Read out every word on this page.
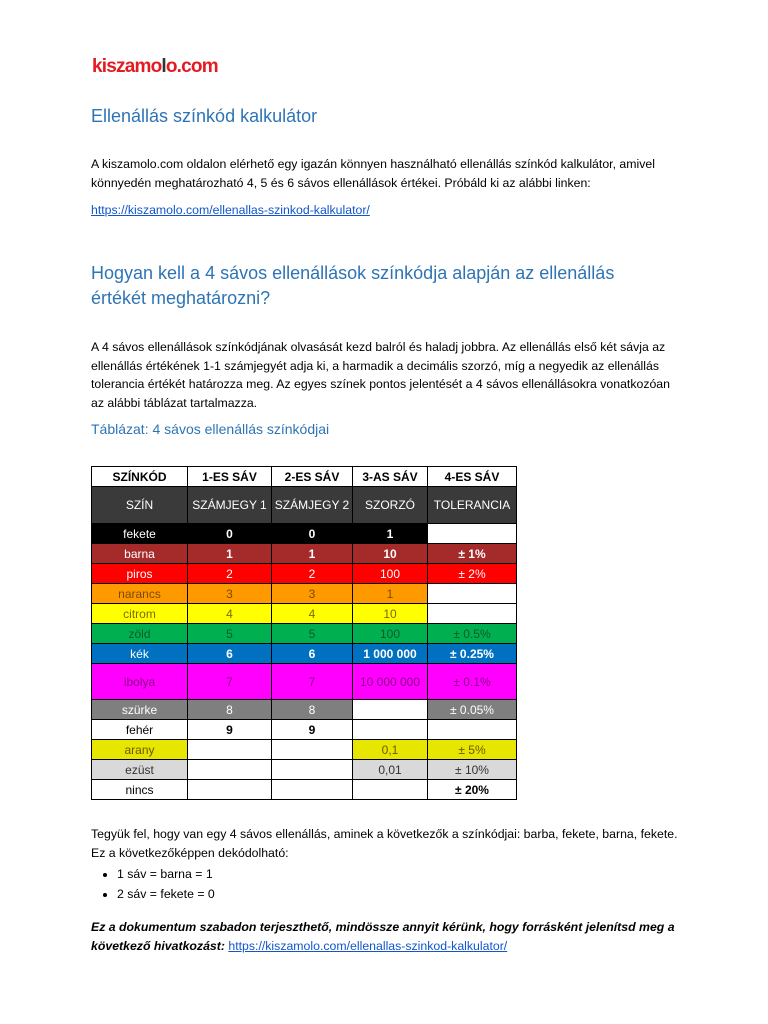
kiszamolo.com
Ellenállás színkód kalkulátor
A kiszamolo.com oldalon elérhető egy igazán könnyen használható ellenállás színkód kalkulátor, amivel könnyedén meghatározható 4, 5 és 6 sávos ellenállások értékei. Próbáld ki az alábbi linken:
https://kiszamolo.com/ellenallas-szinkod-kalkulator/
Hogyan kell a 4 sávos ellenállások színkódja alapján az ellenállás értékét meghatározni?
A 4 sávos ellenállások színkódjának olvasását kezd balról és haladj jobbra. Az ellenállás első két sávja az ellenállás értékének 1-1 számjegyét adja ki, a harmadik a decimális szorzó, míg a negyedik az ellenállás tolerancia értékét határozza meg. Az egyes színek pontos jelentését a 4 sávos ellenállásokra vonatkozóan az alábbi táblázat tartalmazza.
Táblázat: 4 sávos ellenállás színkódjai
SZÍNKÓD	1-ES SÁV	2-ES SÁV	3-AS SÁV	4-ES SÁV
SZÍN	SZÁMJEGY 1	SZÁMJEGY 2	SZORZÓ	TOLERANCIA
fekete	0	0	1	
barna	1	1	10	± 1%
piros	2	2	100	± 2%
narancs	3	3	1	
citrom	4	4	10	
zöld	5	5	100	± 0.5%
kék	6	6	1 000 000	± 0.25%
ibolya	7	7	10 000 000	± 0.1%
szürke	8	8		± 0.05%
fehér	9	9		
arany			0,1	± 5%
ezüst			0,01	± 10%
nincs				± 20%
Tegyük fel, hogy van egy 4 sávos ellenállás, aminek a következők a színkódjai: barba, fekete, barna, fekete. Ez a következőképpen dekódolható:
• 1 sáv = barna = 1
• 2 sáv = fekete = 0
Ez a dokumentum szabadon terjeszthető, mindössze annyit kérünk, hogy forrásként jelenítsd meg a következő hivatkozást: https://kiszamolo.com/ellenallas-szinkod-kalkulator/
